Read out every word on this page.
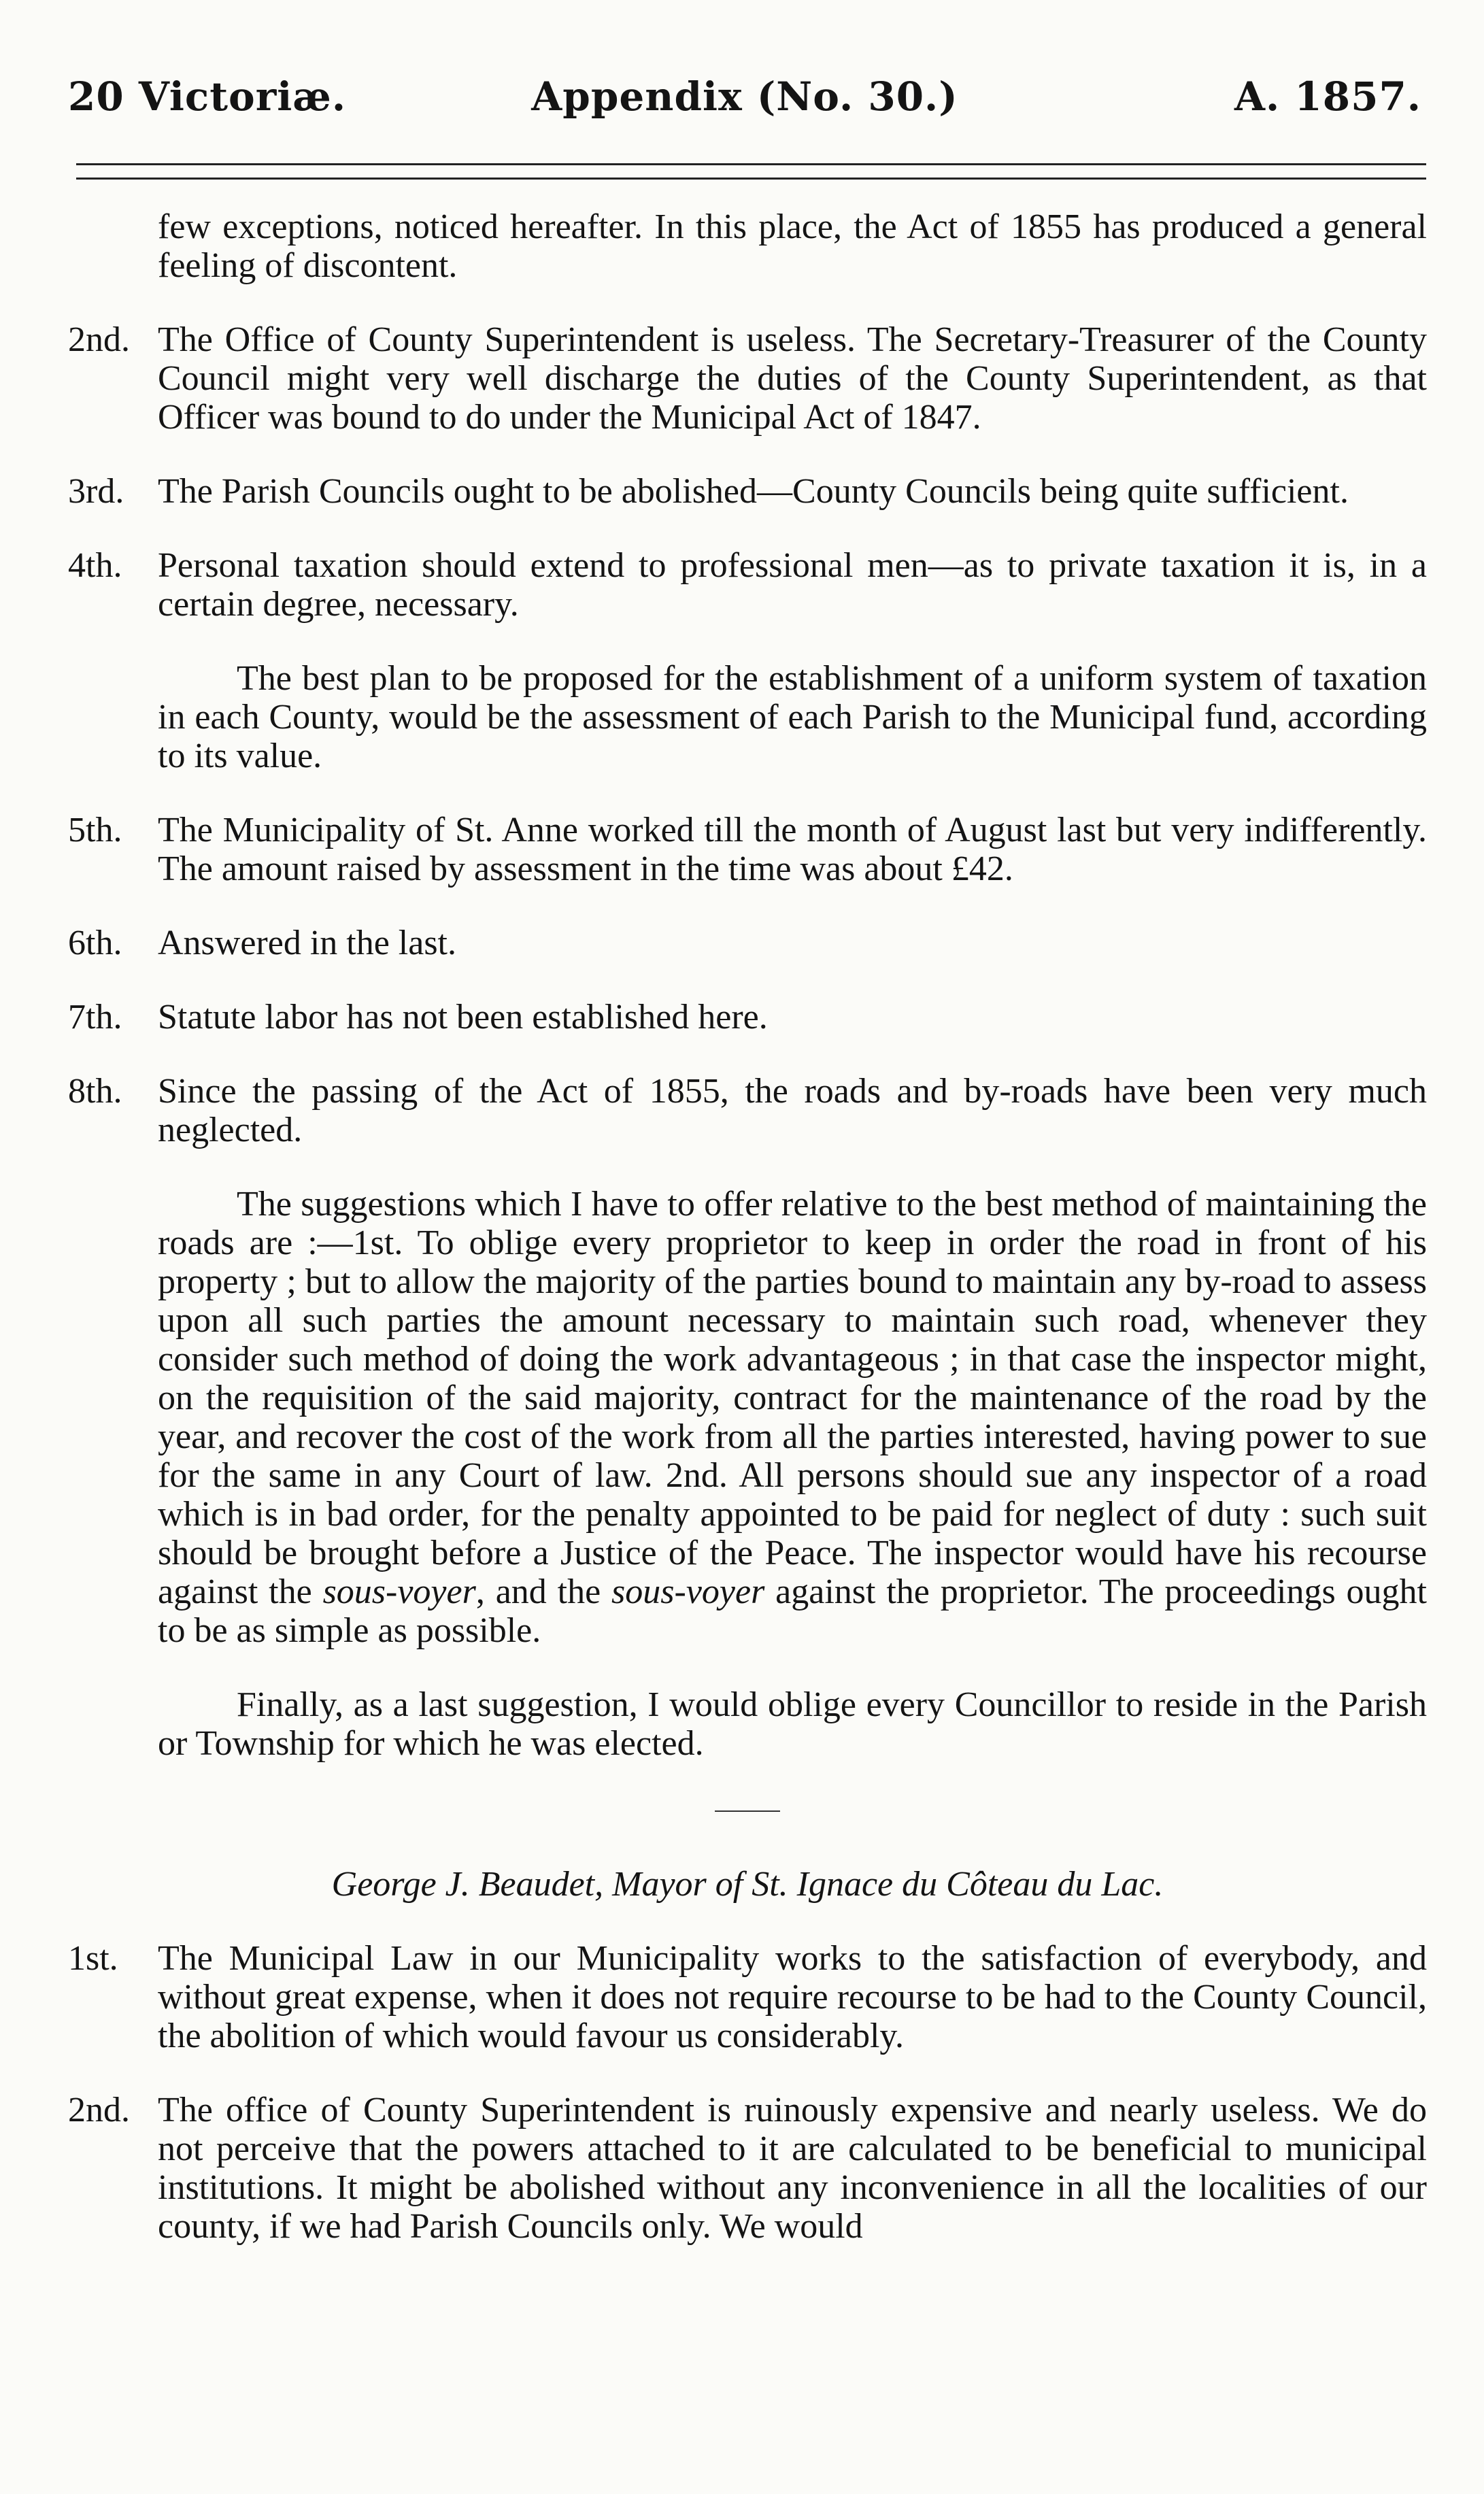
20 Victoriæ.	Appendix (No. 30.)	A. 1857.

few exceptions, noticed hereafter. In this place, the Act of 1855 has produced a general feeling of discontent.

2nd. The Office of County Superintendent is useless. The Secretary-Treasurer of the County Council might very well discharge the duties of the County Superintendent, as that Officer was bound to do under the Municipal Act of 1847.

3rd. The Parish Councils ought to be abolished—County Councils being quite sufficient.

4th.	Personal taxation should extend to professional men—as to private taxation it is, in a certain degree, necessary.

The best plan to be proposed for the establishment of a uniform system of taxation in each County, would be the assessment of each Parish to the Municipal fund, according to its value.

5th.	The Municipality of St. Anne worked till the month of August last but very indifferently. The amount raised by assessment in the time was about £42.

6th.	Answered in the last.

7th.	Statute labor has not been established here.

8th.	Since the passing of the Act of 1855, the roads and by-roads have been very much neglected.

The suggestions which I have to offer relative to the best method of maintaining the roads are :—1st. To oblige every proprietor to keep in order the road in front of his property ; but to allow the majority of the parties bound to maintain any by-road to assess upon all such parties the amount necessary to maintain such road, whenever they consider such method of doing the work advantageous ; in that case the inspector might, on the requisition of the said majority, contract for the maintenance of the road by the year, and recover the cost of the work from all the parties interested, having power to sue for the same in any Court of law. 2nd. All persons should sue any inspector of a road which is in bad order, for the penalty appointed to be paid for neglect of duty : such suit should be brought before a Justice of the Peace. The inspector would have his recourse against the sous-voyer, and the sous-voyer against the proprietor. The proceedings ought to be as simple as possible.

Finally, as a last suggestion, I would oblige every Councillor to reside in the Parish or Township for which he was elected.

George J. Beaudet, Mayor of St. Ignace du Côteau du Lac.

1st.	The Municipal Law in our Municipality works to the satisfaction of everybody, and without great expense, when it does not require recourse to be had to the County Council, the abolition of which would favour us considerably.

2nd. The office of County Superintendent is ruinously expensive and nearly useless. We do not perceive that the powers attached to it are calculated to be beneficial to municipal institutions. It might be abolished without any inconvenience in all the localities of our county, if we had Parish Councils only. We would
